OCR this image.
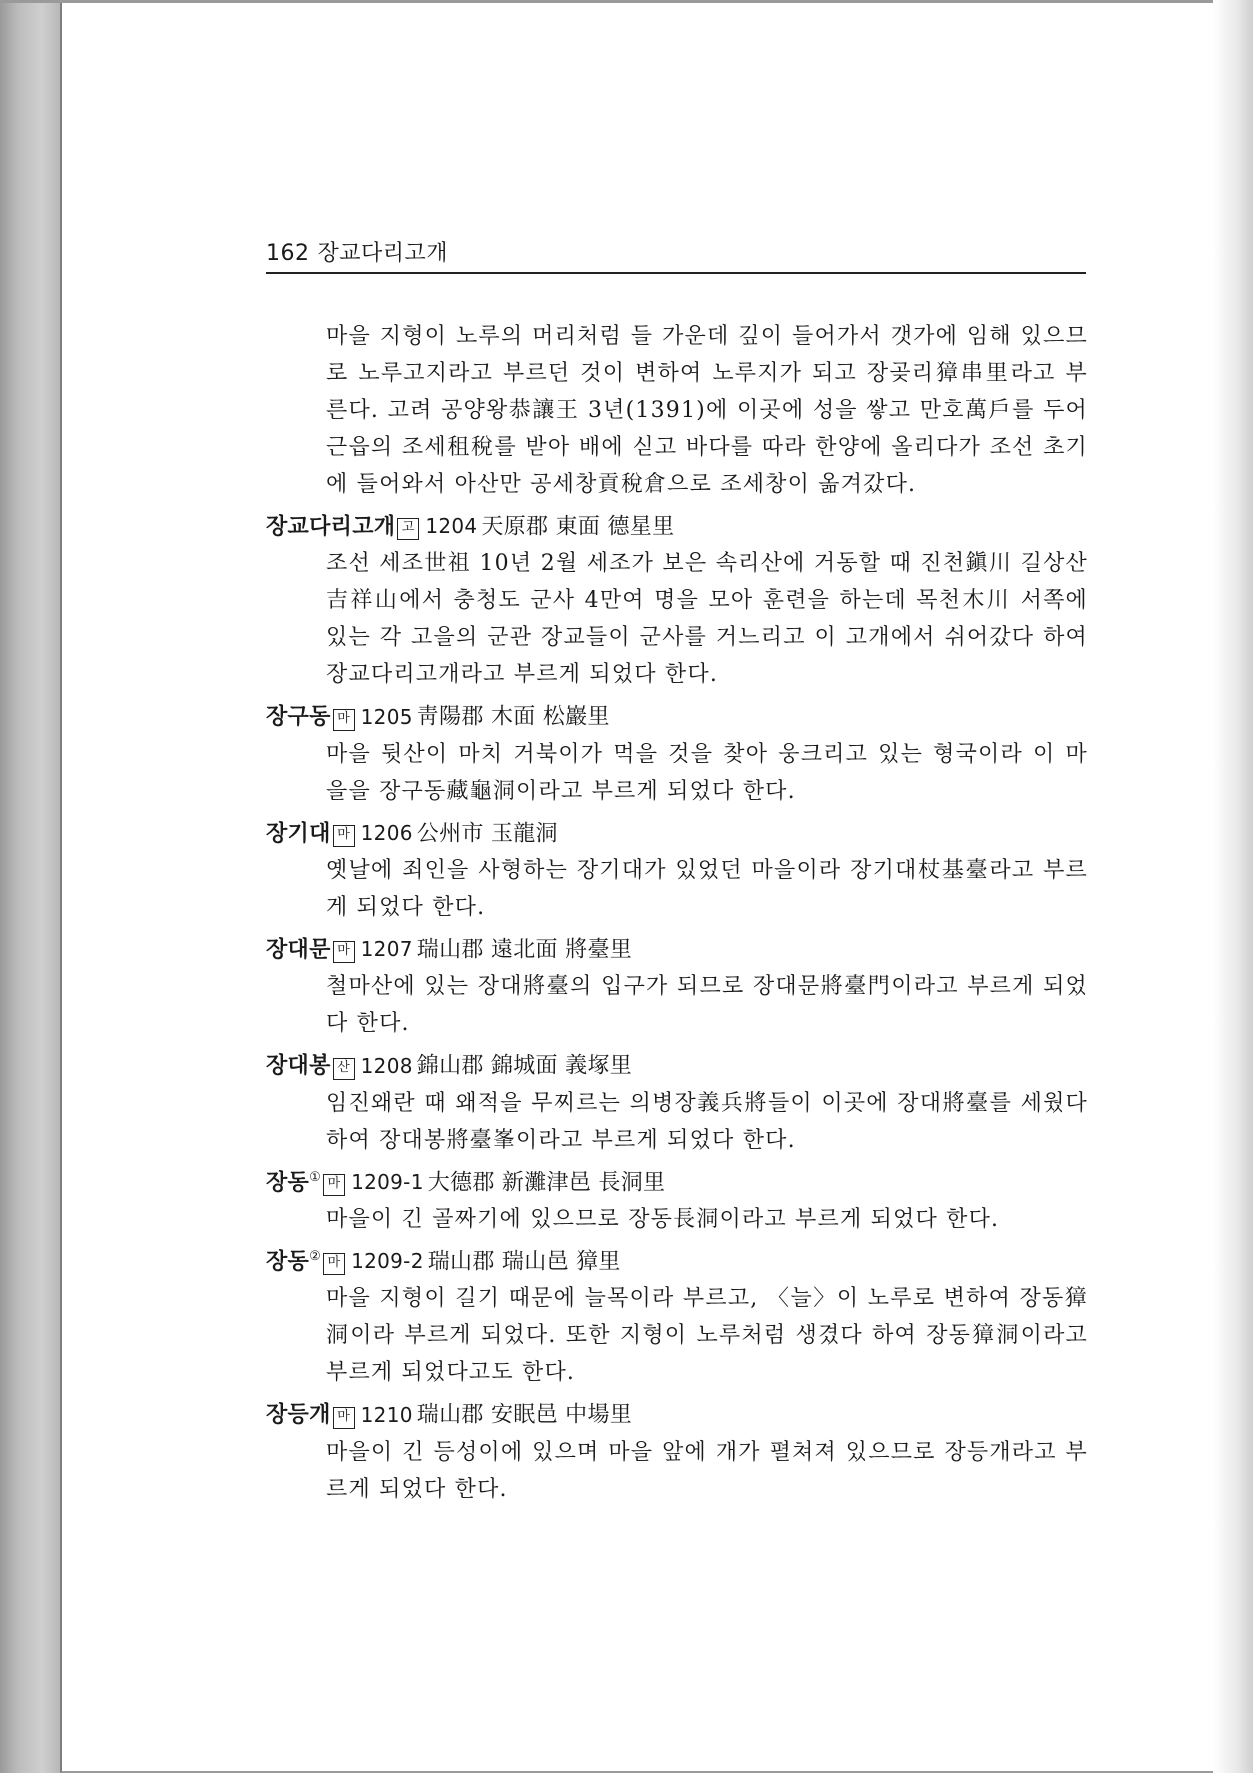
162 장교다리고개

마을 지형이 노루의 머리처럼 들 가운데 깊이 들어가서 갯가에 임해 있으므로 노루고지라고 부르던 것이 변하여 노루지가 되고 장곶리獐串里라고 부른다. 고려 공양왕恭讓王 3년(1391)에 이곳에 성을 쌓고 만호萬戶를 두어 근읍의 조세租稅를 받아 배에 싣고 바다를 따라 한양에 올리다가 조선 초기에 들어와서 아산만 공세창貢稅倉으로 조세창이 옮겨갔다.

장교다리고개 고 1204 天原郡 東面 德星里

조선 세조世祖 10년 2월 세조가 보은 속리산에 거동할 때 진천鎭川 길상산吉祥山에서 충청도 군사 4만여 명을 모아 훈련을 하는데 목천木川 서쪽에 있는 각 고을의 군관 장교들이 군사를 거느리고 이 고개에서 쉬어갔다 하여 장교다리고개라고 부르게 되었다 한다.

장구동 마 1205 靑陽郡 木面 松巖里

마을 뒷산이 마치 거북이가 먹을 것을 찾아 웅크리고 있는 형국이라 이 마을을 장구동藏龜洞이라고 부르게 되었다 한다.

장기대 마 1206 公州市 玉龍洞

옛날에 죄인을 사형하는 장기대가 있었던 마을이라 장기대杖基臺라고 부르게 되었다 한다.

장대문 마 1207 瑞山郡 遠北面 將臺里

철마산에 있는 장대將臺의 입구가 되므로 장대문將臺門이라고 부르게 되었다 한다.

장대봉 산 1208 錦山郡 錦城面 義塚里

임진왜란 때 왜적을 무찌르는 의병장義兵將들이 이곳에 장대將臺를 세웠다 하여 장대봉將臺峯이라고 부르게 되었다 한다.

장동① 마 1209-1 大德郡 新灘津邑 長洞里

마을이 긴 골짜기에 있으므로 장동長洞이라고 부르게 되었다 한다.

장동② 마 1209-2 瑞山郡 瑞山邑 獐里

마을 지형이 길기 때문에 늘목이라 부르고, 〈늘〉이 노루로 변하여 장동獐洞이라 부르게 되었다. 또한 지형이 노루처럼 생겼다 하여 장동獐洞이라고 부르게 되었다고도 한다.

장등개 마 1210 瑞山郡 安眠邑 中場里

마을이 긴 등성이에 있으며 마을 앞에 개가 펼쳐져 있으므로 장등개라고 부르게 되었다 한다.
